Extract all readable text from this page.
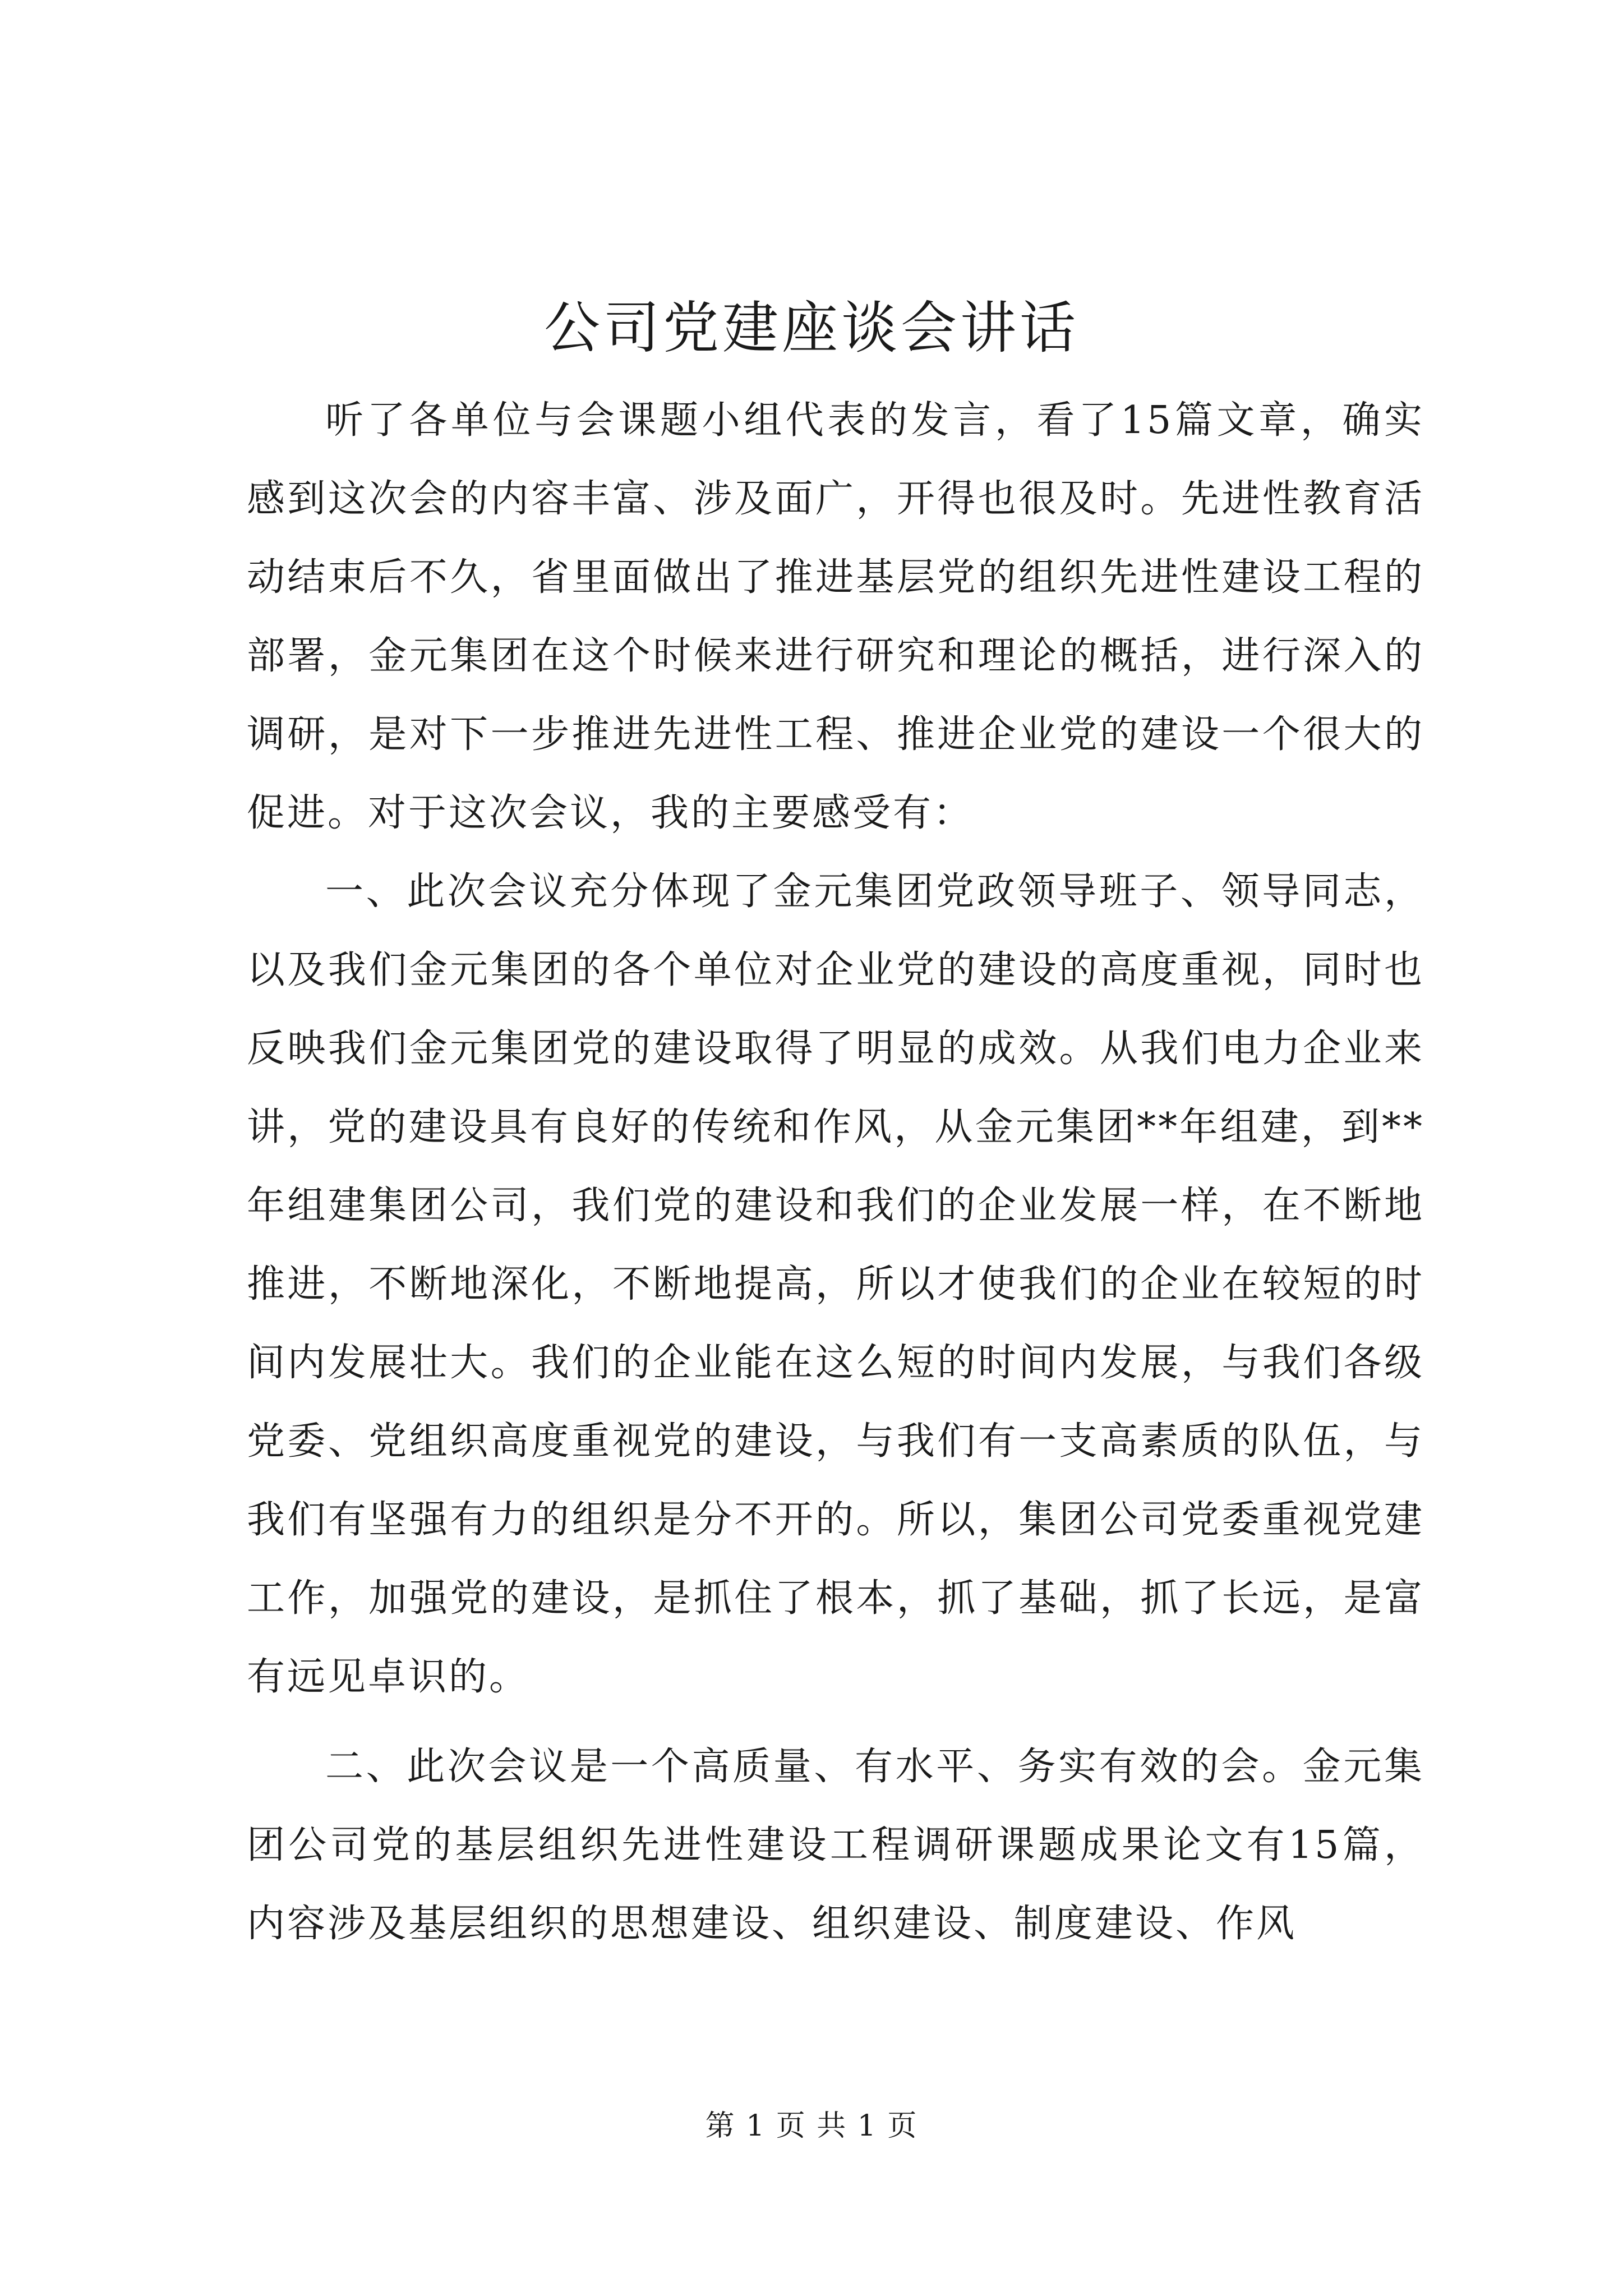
公司党建座谈会讲话

听了各单位与会课题小组代表的发言，看了15篇文章，确实感到这次会的内容丰富、涉及面广，开得也很及时。先进性教育活动结束后不久，省里面做出了推进基层党的组织先进性建设工程的部署，金元集团在这个时候来进行研究和理论的概括，进行深入的调研，是对下一步推进先进性工程、推进企业党的建设一个很大的促进。对于这次会议，我的主要感受有：

一、此次会议充分体现了金元集团党政领导班子、领导同志，以及我们金元集团的各个单位对企业党的建设的高度重视，同时也反映我们金元集团党的建设取得了明显的成效。从我们电力企业来讲，党的建设具有良好的传统和作风，从金元集团**年组建，到**年组建集团公司，我们党的建设和我们的企业发展一样，在不断地推进，不断地深化，不断地提高，所以才使我们的企业在较短的时间内发展壮大。我们的企业能在这么短的时间内发展，与我们各级党委、党组织高度重视党的建设，与我们有一支高素质的队伍，与我们有坚强有力的组织是分不开的。所以，集团公司党委重视党建工作，加强党的建设，是抓住了根本，抓了基础，抓了长远，是富有远见卓识的。

二、此次会议是一个高质量、有水平、务实有效的会。金元集团公司党的基层组织先进性建设工程调研课题成果论文有15篇，内容涉及基层组织的思想建设、组织建设、制度建设、作风

第 1 页 共 1 页
